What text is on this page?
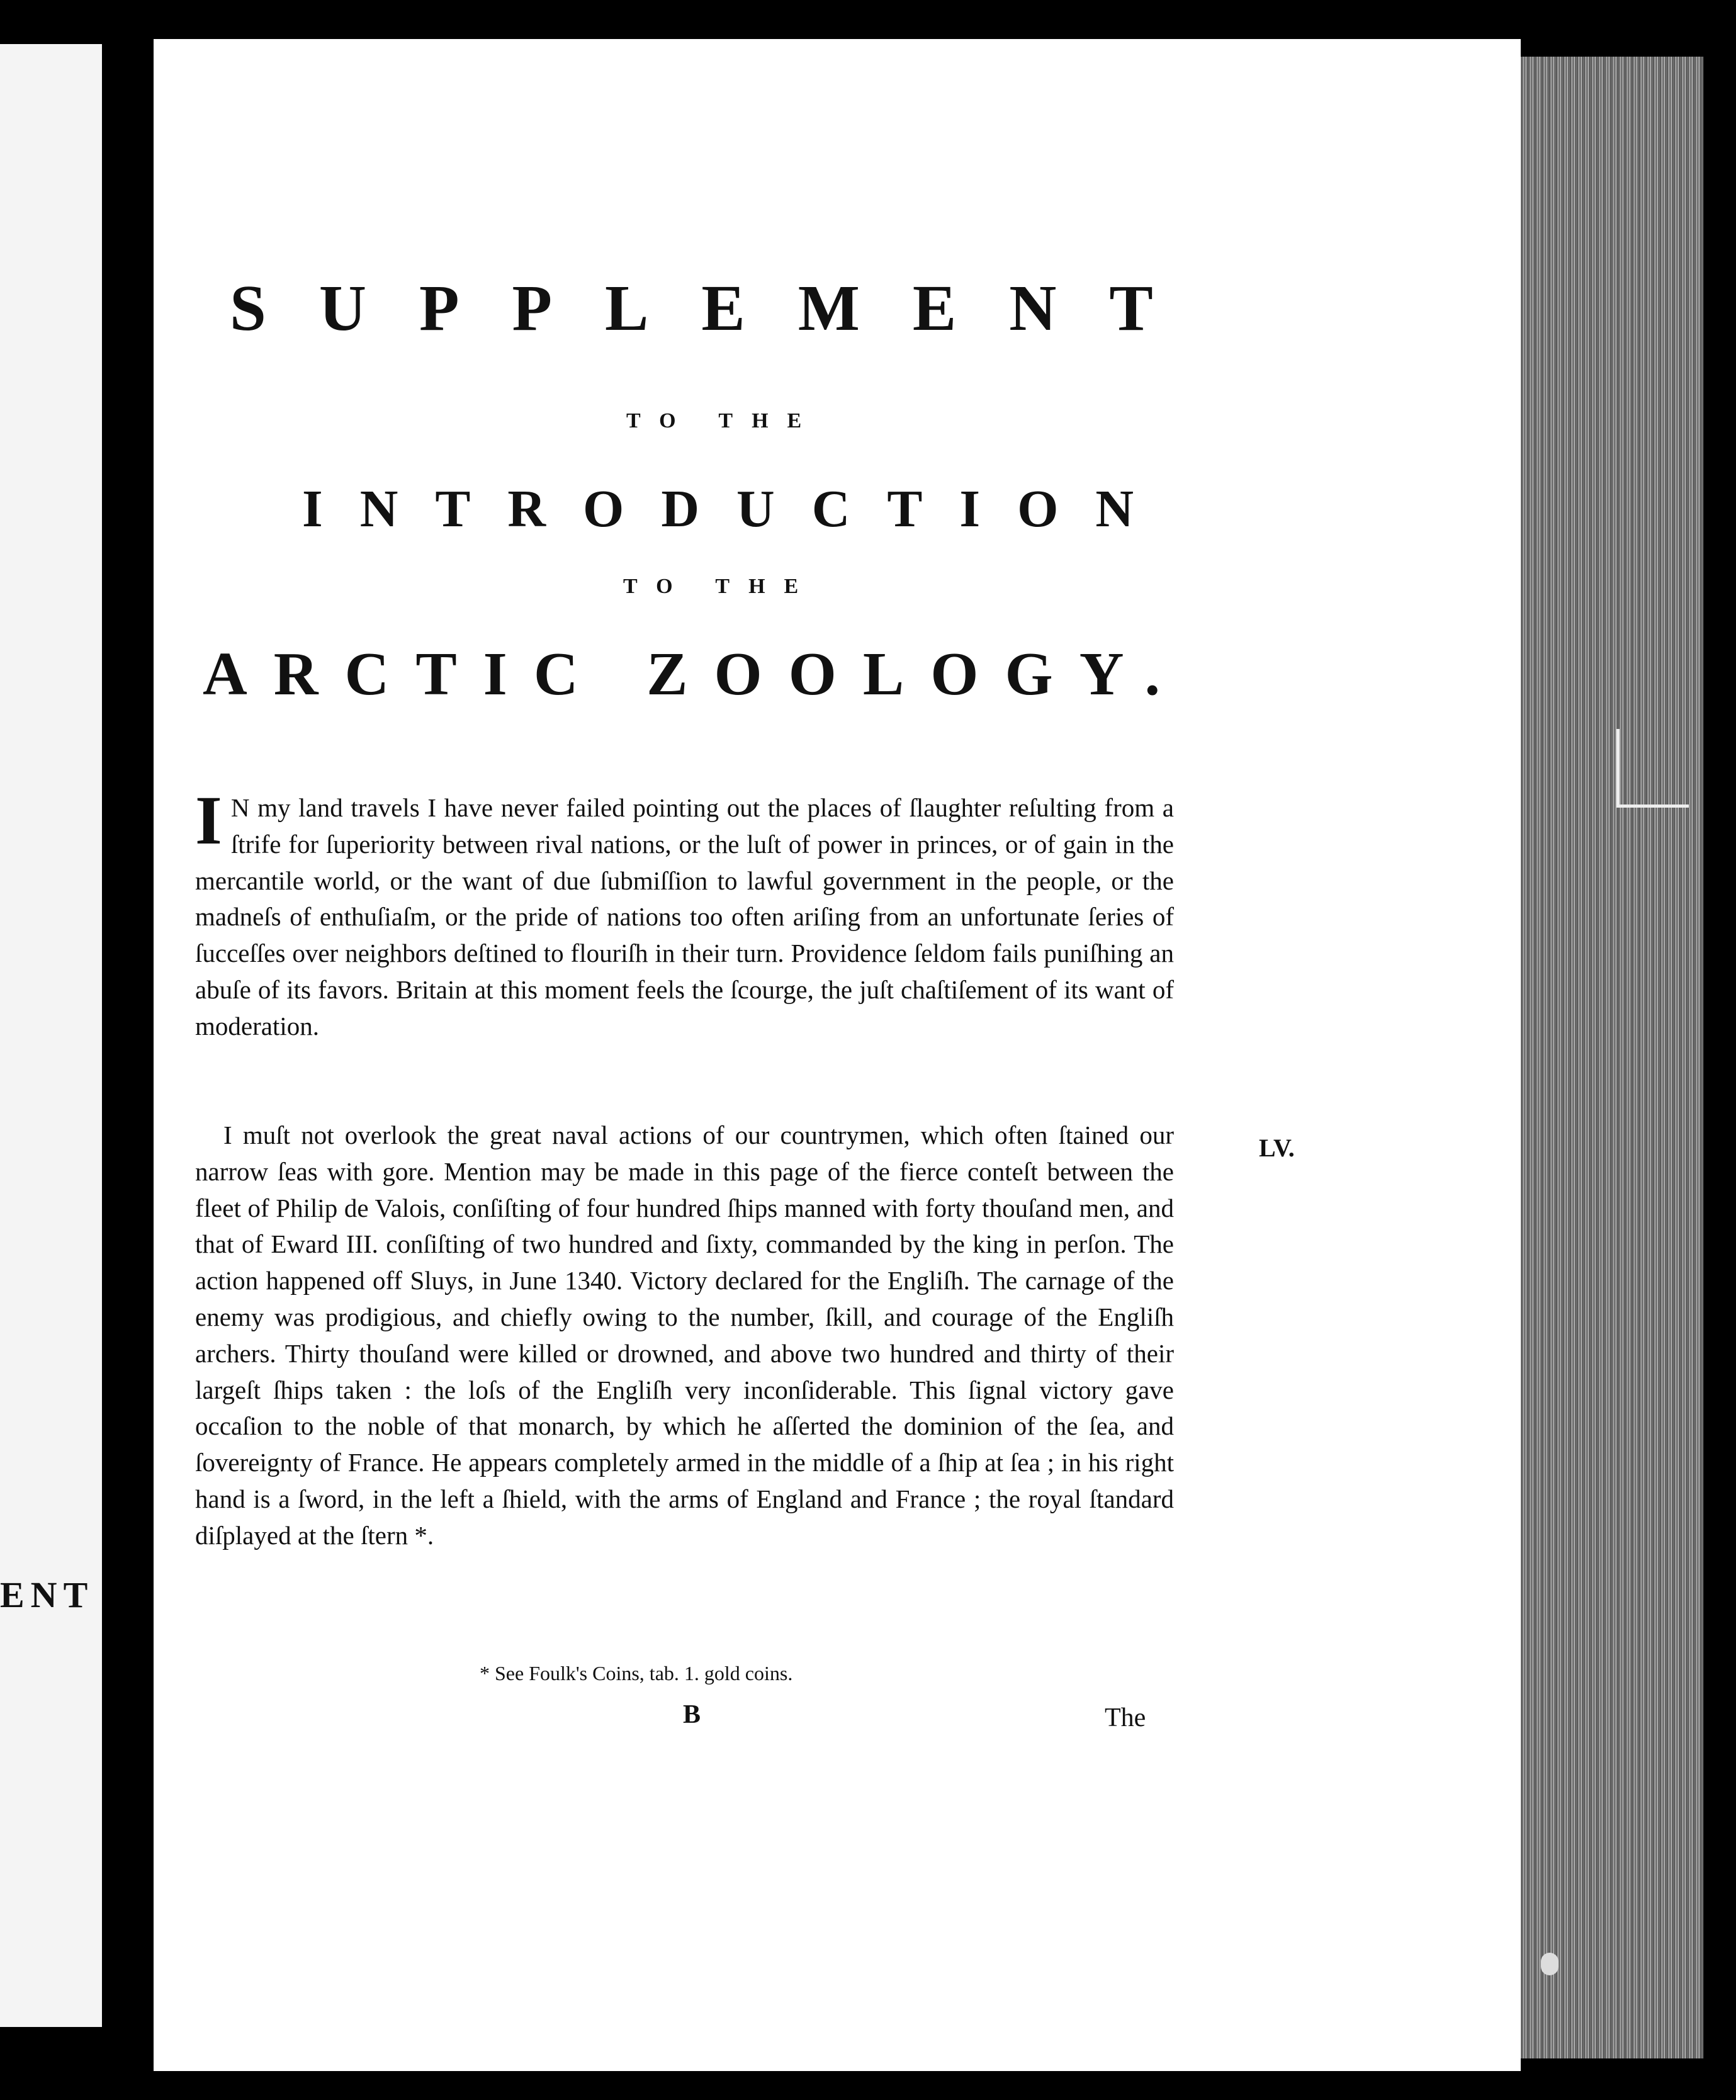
ENT
SUPPLEMENT
TO THE
INTRODUCTION
TO THE
ARCTIC ZOOLOGY.

I N my land travels I have never failed pointing out the places of ſlaughter reſulting from a ſtrife for ſuperiority between rival nations, or the luſt of power in princes, or of gain in the mercantile world, or the want of due ſubmiſſion to lawful government in the people, or the madneſs of enthuſiaſm, or the pride of nations too often ariſing from an unfortunate ſeries of ſucceſſes over neighbors deſtined to flouriſh in their turn. Providence ſeldom fails puniſhing an abuſe of its favors. Britain at this moment feels the ſcourge, the juſt chaſtiſement of its want of moderation.

I muſt not overlook the great naval actions of our countrymen, which often ſtained our narrow ſeas with gore. Mention may be made in this page of the fierce conteſt between the fleet of Philip de Valois, conſiſting of four hundred ſhips manned with forty thouſand men, and that of Eward III. conſiſting of two hundred and ſixty, commanded by the king in perſon. The action happened off Sluys, in June 1340. Victory declared for the Engliſh. The carnage of the enemy was prodigious, and chiefly owing to the number, ſkill, and courage of the Engliſh archers. Thirty thouſand were killed or drowned, and above two hundred and thirty of their largeſt ſhips taken : the loſs of the Engliſh very inconſiderable. This ſignal victory gave occaſion to the noble of that monarch, by which he aſſerted the dominion of the ſea, and ſovereignty of France. He appears completely armed in the middle of a ſhip at ſea ; in his right hand is a ſword, in the left a ſhield, with the arms of England and France ; the royal ſtandard diſplayed at the ſtern *.

LV.
* See Foulk's Coins, tab. 1. gold coins.
B	The
